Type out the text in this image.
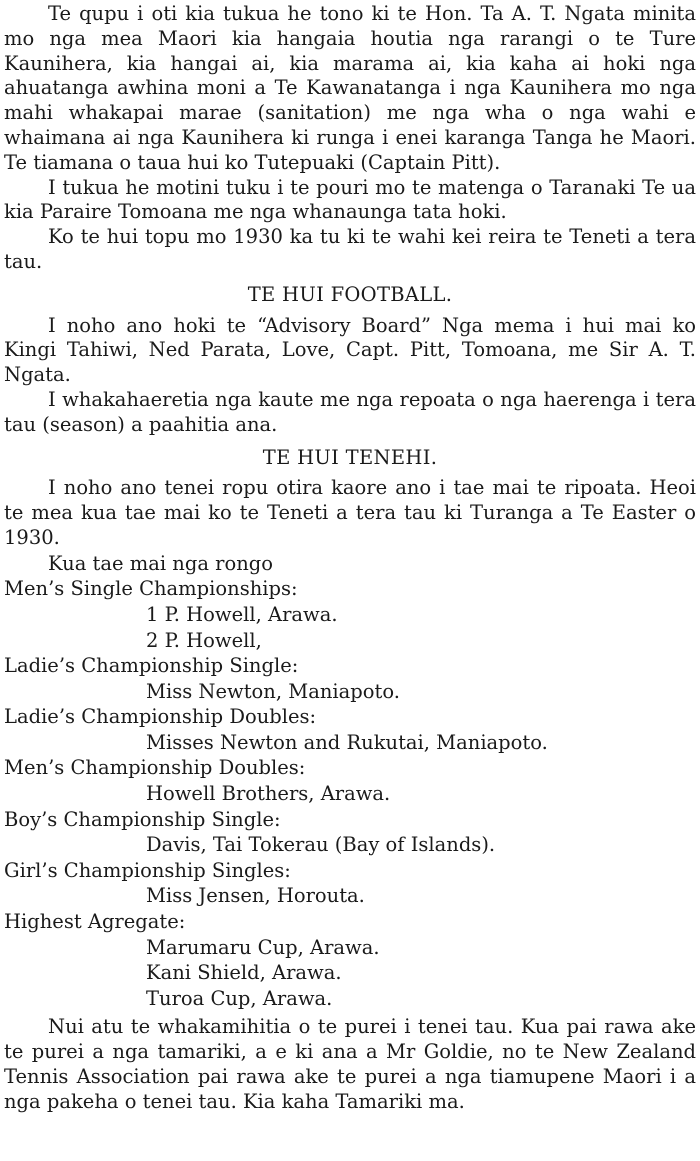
Te qupu i oti kia tukua he tono ki te Hon. Ta A. T. Ngata minita mo nga mea Maori kia hangaia houtia nga rarangi o te Ture Kaunihera, kia hangai ai, kia marama ai, kia kaha ai hoki nga ahuatanga awhina moni a Te Kawanatanga i nga Kaunihera mo nga mahi whakapai marae (sanitation) me nga wha o nga wahi e whaimana ai nga Kaunihera ki runga i enei karanga Tanga he Maori. Te tiamana o taua hui ko Tutepuaki (Captain Pitt).

I tukua he motini tuku i te pouri mo te matenga o Taranaki Te ua kia Paraire Tomoana me nga whanaunga tata hoki.

Ko te hui topu mo 1930 ka tu ki te wahi kei reira te Teneti a tera tau.

TE HUI FOOTBALL.

I noho ano hoki te “Advisory Board” Nga mema i hui mai ko Kingi Tahiwi, Ned Parata, Love, Capt. Pitt, Tomoana, me Sir A. T. Ngata.

I whakahaeretia nga kaute me nga repoata o nga haerenga i tera tau (season) a paahitia ana.

TE HUI TENEHI.

I noho ano tenei ropu otira kaore ano i tae mai te ripoata. Heoi te mea kua tae mai ko te Teneti a tera tau ki Turanga a Te Easter o 1930.

Kua tae mai nga rongo

Men’s Single Championships:

1 P. Howell, Arawa.

2 P. Howell,

Ladie’s Championship Single:

Miss Newton, Maniapoto.

Ladie’s Championship Doubles:

Misses Newton and Rukutai, Maniapoto.

Men’s Championship Doubles:

Howell Brothers, Arawa.

Boy’s Championship Single:

Davis, Tai Tokerau (Bay of Islands).

Girl’s Championship Singles:

Miss Jensen, Horouta.

Highest Agregate:

Marumaru Cup, Arawa.

Kani Shield, Arawa.

Turoa Cup, Arawa.

Nui atu te whakamihitia o te purei i tenei tau. Kua pai rawa ake te purei a nga tamariki, a e ki ana a Mr Goldie, no te New Zealand Tennis Association pai rawa ake te purei a nga tiamupene Maori i a nga pakeha o tenei tau. Kia kaha Tamariki ma.
